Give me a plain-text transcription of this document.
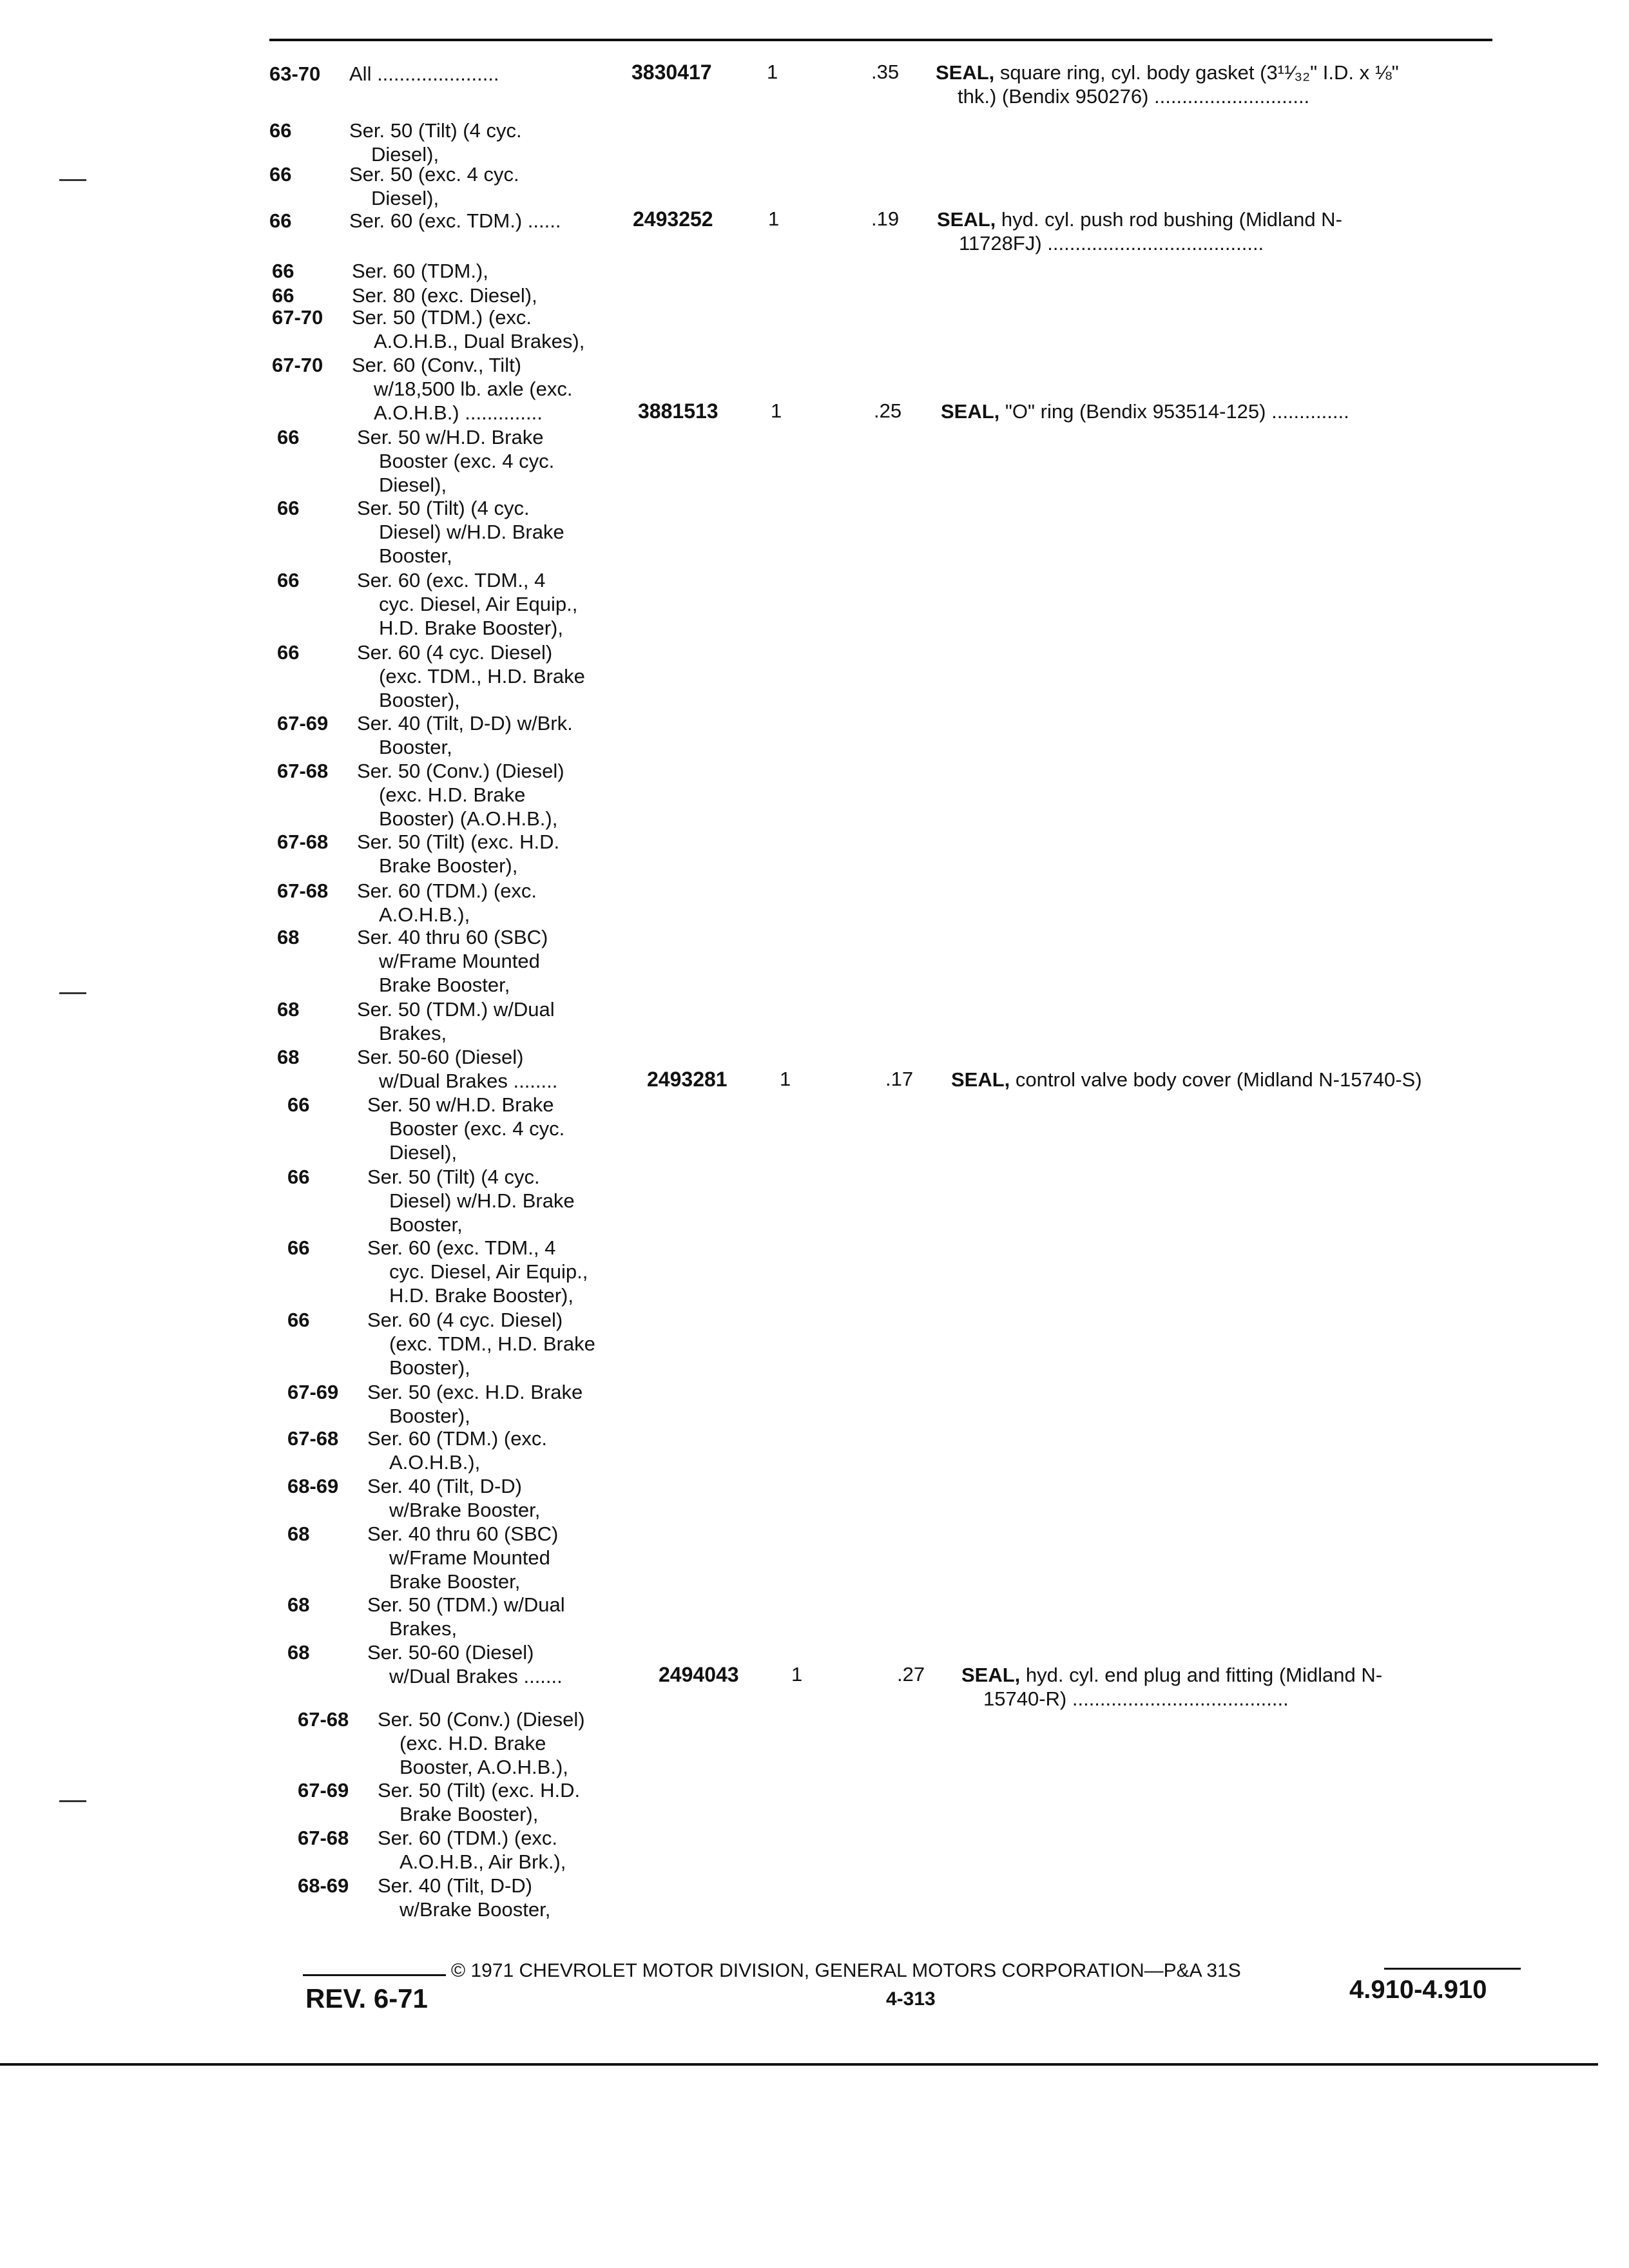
63-70	All ......................	3830417	1	.35 SEAL, square ring, cyl. body gasket (3¹¹⁄₃₂" I.D. x ⅛"
thk.) (Bendix 950276) ............................
66	Ser. 50 (Tilt) (4 cyc.
Diesel),
66	Ser. 50 (exc. 4 cyc.
Diesel),
66	Ser. 60 (exc. TDM.) ......	2493252	1	.19 SEAL, hyd. cyl. push rod bushing (Midland N-
11728FJ) .......................................
66	Ser. 60 (TDM.),
66	Ser. 80 (exc. Diesel),
67-70	Ser. 50 (TDM.) (exc.
A.O.H.B., Dual Brakes),
67-70	Ser. 60 (Conv., Tilt)
w/18,500 lb. axle (exc.
A.O.H.B.) ..............	3881513	1	.25 SEAL, "O" ring (Bendix 953514-125) ..............
66	Ser. 50 w/H.D. Brake
Booster (exc. 4 cyc.
Diesel),
66	Ser. 50 (Tilt) (4 cyc.
Diesel) w/H.D. Brake
Booster,
66	Ser. 60 (exc. TDM., 4
cyc. Diesel, Air Equip.,
H.D. Brake Booster),
66	Ser. 60 (4 cyc. Diesel)
(exc. TDM., H.D. Brake
Booster),
67-69	Ser. 40 (Tilt, D-D) w/Brk.
Booster,
67-68	Ser. 50 (Conv.) (Diesel)
(exc. H.D. Brake
Booster) (A.O.H.B.),
67-68	Ser. 50 (Tilt) (exc. H.D.
Brake Booster),
67-68	Ser. 60 (TDM.) (exc.
A.O.H.B.),
68	Ser. 40 thru 60 (SBC)
w/Frame Mounted
Brake Booster,
68	Ser. 50 (TDM.) w/Dual
Brakes,
68	Ser. 50-60 (Diesel)
w/Dual Brakes ........	2493281	1	.17 SEAL, control valve body cover (Midland N-15740-S)
66	Ser. 50 w/H.D. Brake
Booster (exc. 4 cyc.
Diesel),
66	Ser. 50 (Tilt) (4 cyc.
Diesel) w/H.D. Brake
Booster,
66	Ser. 60 (exc. TDM., 4
cyc. Diesel, Air Equip.,
H.D. Brake Booster),
66	Ser. 60 (4 cyc. Diesel)
(exc. TDM., H.D. Brake
Booster),
67-69	Ser. 50 (exc. H.D. Brake
Booster),
67-68	Ser. 60 (TDM.) (exc.
A.O.H.B.),
68-69	Ser. 40 (Tilt, D-D)
w/Brake Booster,
68	Ser. 40 thru 60 (SBC)
w/Frame Mounted
Brake Booster,
68	Ser. 50 (TDM.) w/Dual
Brakes,
68	Ser. 50-60 (Diesel)
w/Dual Brakes .......	2494043	1	.27 SEAL, hyd. cyl. end plug and fitting (Midland N-
15740-R) .......................................
67-68	Ser. 50 (Conv.) (Diesel)
(exc. H.D. Brake
Booster, A.O.H.B.),
67-69	Ser. 50 (Tilt) (exc. H.D.
Brake Booster),
67-68	Ser. 60 (TDM.) (exc.
A.O.H.B., Air Brk.),
68-69	Ser. 40 (Tilt, D-D)
w/Brake Booster,
© 1971 CHEVROLET MOTOR DIVISION, GENERAL MOTORS CORPORATION—P&A 31S
REV. 6-71	4-313	4.910-4.910
